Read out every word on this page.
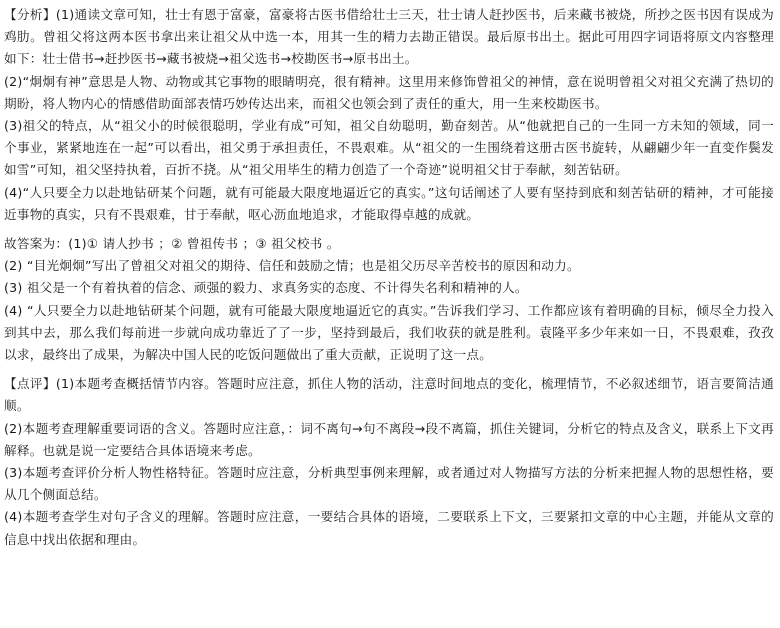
【分析】(1)通读文章可知，壮士有恩于富豪，富豪将古医书借给壮士三天，壮士请人赶抄医书，后来藏书被烧，所抄之医书因有误成为鸡肋。曾祖父将这两本医书拿出来让祖父从中选一本，用其一生的精力去勘正错误。最后原书出土。据此可用四字词语将原文内容整理如下：壮士借书→赶抄医书→藏书被烧→祖父选书→校勘医书→原书出土。

(2)“炯炯有神”意思是人物、动物或其它事物的眼睛明亮，很有精神。这里用来修饰曾祖父的神情，意在说明曾祖父对祖父充满了热切的期盼，将人物内心的情感借助面部表情巧妙传达出来，而祖父也领会到了责任的重大，用一生来校勘医书。

(3)祖父的特点，从“祖父小的时候很聪明，学业有成”可知，祖父自幼聪明，勤奋刻苦。从“他就把自己的一生同一方未知的领域，同一个事业，紧紧地连在一起”可以看出，祖父勇于承担责任，不畏艰难。从“祖父的一生围绕着这册古医书旋转，从翩翩少年一直变作鬓发如雪”可知，祖父坚持执着，百折不挠。从“祖父用毕生的精力创造了一个奇迹”说明祖父甘于奉献，刻苦钻研。

(4)“人只要全力以赴地钻研某个问题，就有可能最大限度地逼近它的真实。”这句话阐述了人要有坚持到底和刻苦钻研的精神，才可能接近事物的真实，只有不畏艰难，甘于奉献，呕心沥血地追求，才能取得卓越的成就。

故答案为：(1)① 请人抄书 ；② 曾祖传书 ；③ 祖父校书 。

(2) “目光炯炯”写出了曾祖父对祖父的期待、信任和鼓励之情；也是祖父历尽辛苦校书的原因和动力。

(3) 祖父是一个有着执着的信念、顽强的毅力、求真务实的态度、不计得失名利和精神的人。

(4) “人只要全力以赴地钻研某个问题，就有可能最大限度地逼近它的真实。”告诉我们学习、工作都应该有着明确的目标，倾尽全力投入到其中去，那么我们每前进一步就向成功靠近了了一步，坚持到最后，我们收获的就是胜利。袁隆平多少年来如一日，不畏艰难，孜孜以求，最终出了成果，为解决中国人民的吃饭问题做出了重大贡献，正说明了这一点。

【点评】(1)本题考查概括情节内容。答题时应注意，抓住人物的活动，注意时间地点的变化，梳理情节，不必叙述细节，语言要简洁通顺。

(2)本题考查理解重要词语的含义。答题时应注意，：词不离句→句不离段→段不离篇，抓住关键词，分析它的特点及含义，联系上下文再解释。也就是说一定要结合具体语境来考虑。

(3)本题考查评价分析人物性格特征。答题时应注意，分析典型事例来理解，或者通过对人物描写方法的分析来把握人物的思想性格，要从几个侧面总结。

(4)本题考查学生对句子含义的理解。答题时应注意，一要结合具体的语境，二要联系上下文，三要紧扣文章的中心主题，并能从文章的信息中找出依据和理由。
